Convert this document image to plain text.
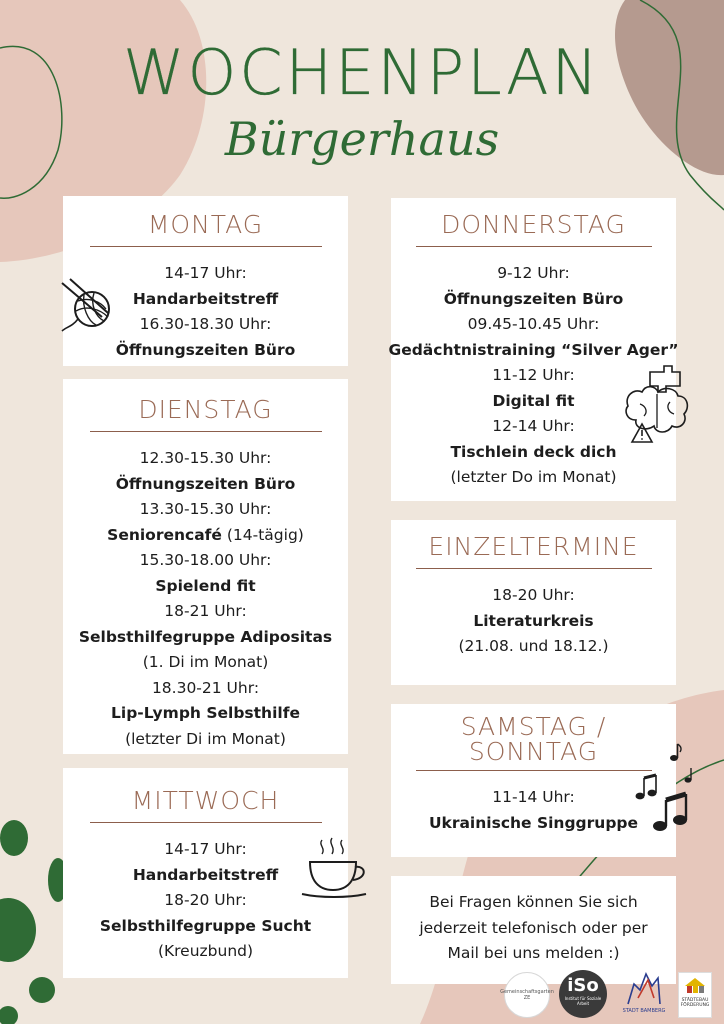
WOCHENPLAN
Bürgerhaus
MONTAG
14-17 Uhr:
Handarbeitstreff
16.30-18.30 Uhr:
Öffnungszeiten Büro
DIENSTAG
12.30-15.30 Uhr:
Öffnungszeiten Büro
13.30-15.30 Uhr:
Seniorencafé (14-tägig)
15.30-18.00 Uhr:
Spielend fit
18-21 Uhr:
Selbsthilfegruppe Adipositas
(1. Di im Monat)
18.30-21 Uhr:
Lip-Lymph Selbsthilfe
(letzter Di im Monat)
MITTWOCH
14-17 Uhr:
Handarbeitstreff
18-20 Uhr:
Selbsthilfegruppe Sucht
(Kreuzbund)
DONNERSTAG
9-12 Uhr:
Öffnungszeiten Büro
09.45-10.45 Uhr:
Gedächtnistraining “Silver Ager”
11-12 Uhr:
Digital fit
12-14 Uhr:
Tischlein deck dich
(letzter Do im Monat)
EINZELTERMINE
18-20 Uhr:
Literaturkreis
(21.08. und 18.12.)
SAMSTAG /
SONNTAG
11-14 Uhr:
Ukrainische Singgruppe
Bei Fragen können Sie sich
jederzeit telefonisch oder per
Mail bei uns melden :)
Gemeinschaftsgarten ZE
iSo
Institut für Soziale Arbeit
STADT BAMBERG
STÄDTEBAU FÖRDERUNG
